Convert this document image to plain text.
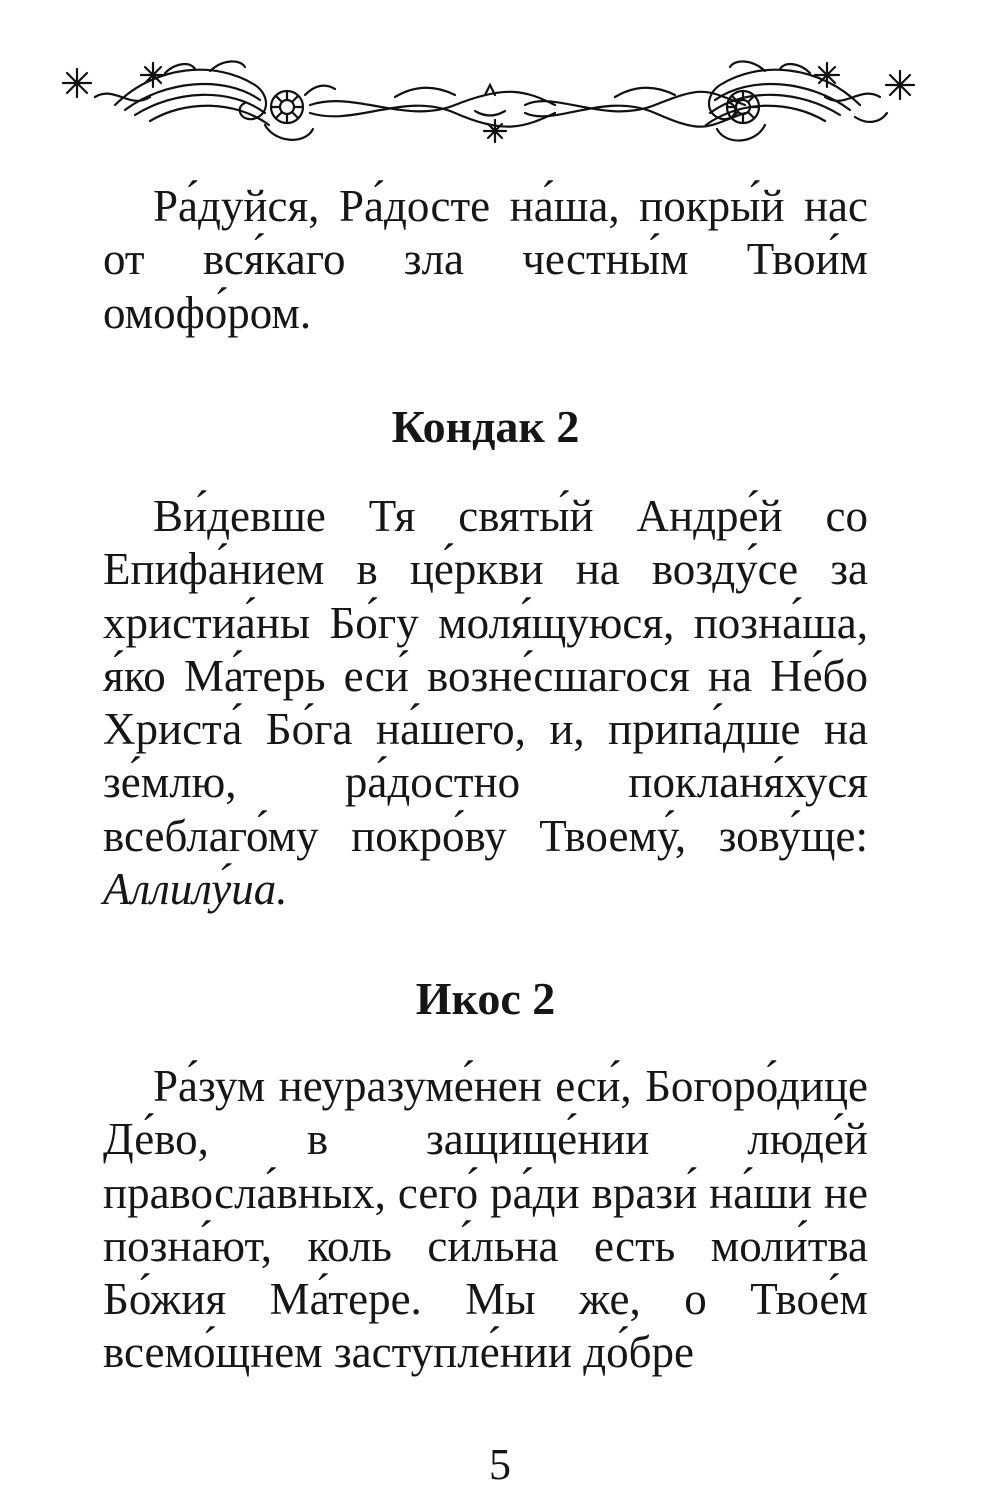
Ра́дуйся, Ра́досте на́ша, покры́й нас от вся́каго зла честны́м Твои́м омофо́ром.

Кондак 2

Ви́девше Тя святы́й Андре́й со Епифа́нием в це́ркви на возду́се за христиа́ны Бо́гу моля́щуюся, позна́ша, я́ко Ма́терь еси́ возне́сшагося на Не́бо Христа́ Бо́га на́шего, и, припа́дше на зе́млю, ра́достно покланя́хуся всеблаго́му покро́ву Твоему́, зову́ще: Аллилу́иа.

Икос 2

Ра́зум неуразуме́нен еси́, Богоро́дице Де́во, в защище́нии люде́й правосла́вных, сего́ ра́ди врази́ на́ши не позна́ют, коль си́льна есть моли́тва Бо́жия Ма́тере. Мы же, о Твое́м всемо́щнем заступле́нии до́бре

5
